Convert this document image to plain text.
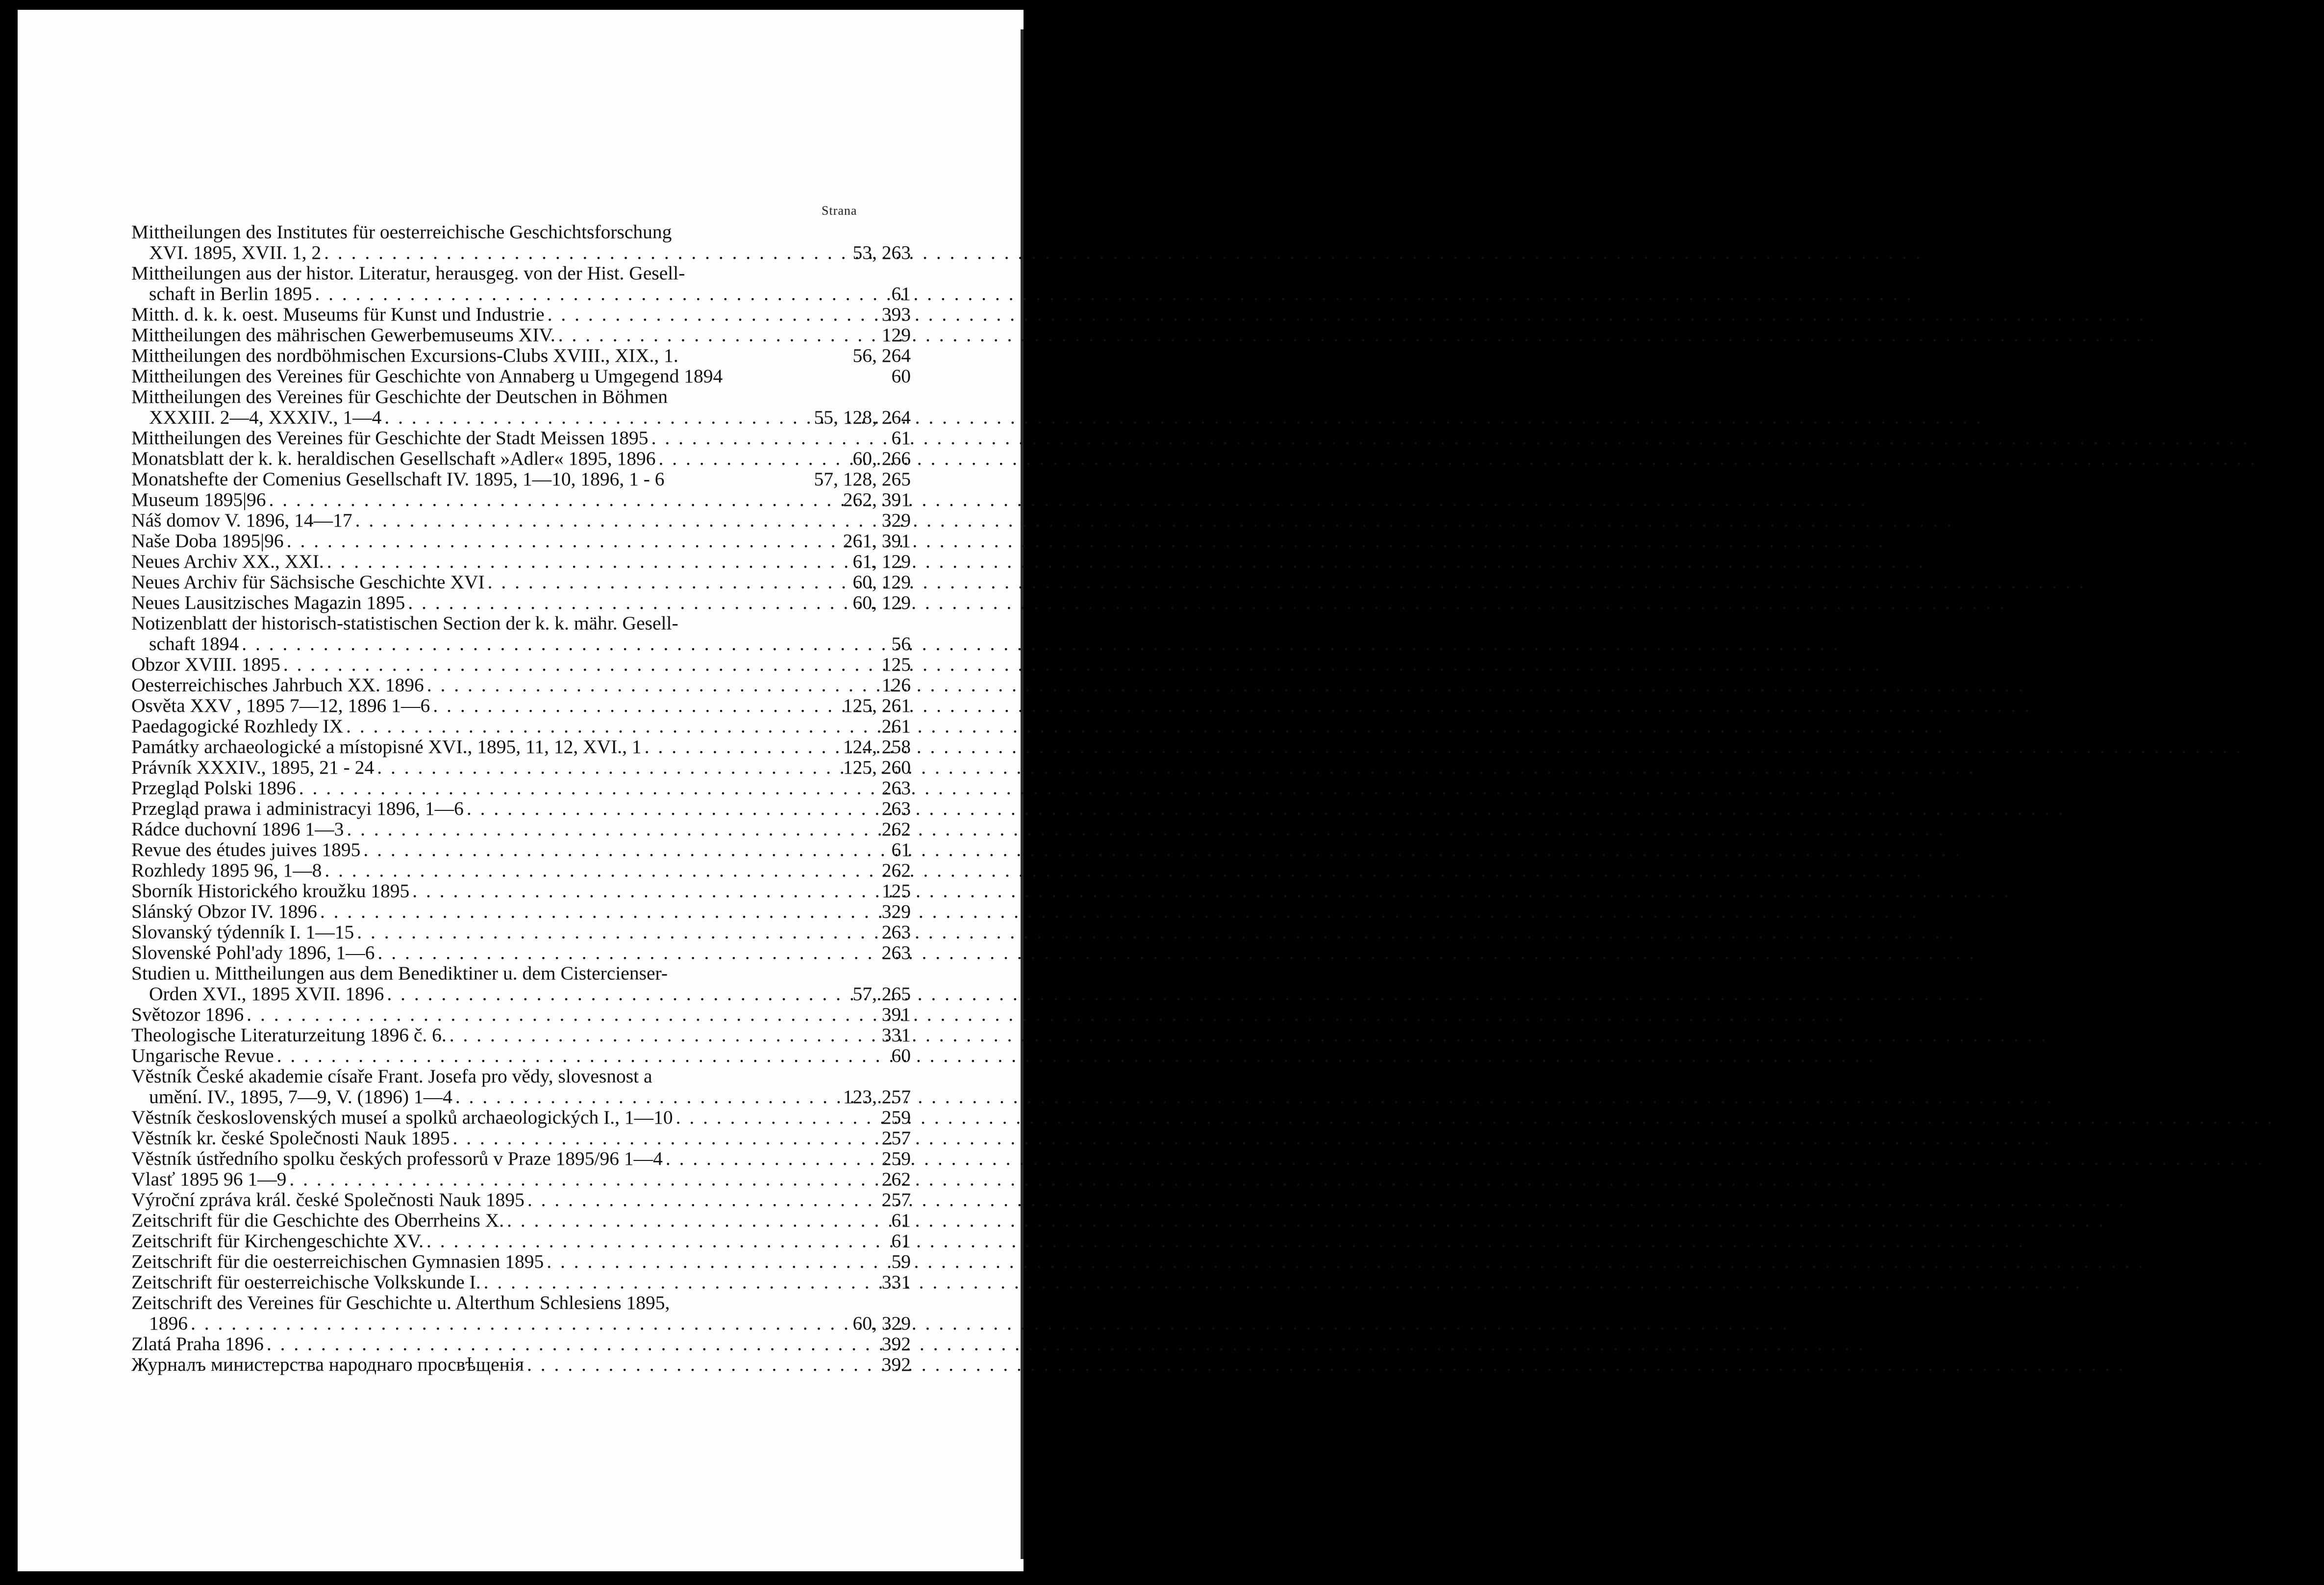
Strana
Mittheilungen des Institutes für oesterreichische Geschichtsforschung
XVI. 1895, XVII. 1, 2 . . .	53, 263
Mittheilungen aus der histor. Literatur, herausgeg. von der Hist. Gesell-
schaft in Berlin 1895 . . .	61
Mitth. d. k. k. oest. Museums für Kunst und Industrie . . .	393
Mittheilungen des mährischen Gewerbemuseums XIV. . . .	129
Mittheilungen des nordböhmischen Excursions-Clubs XVIII., XIX., 1.	56, 264
Mittheilungen des Vereines für Geschichte von Annaberg u Umgegend 1894	60
Mittheilungen des Vereines für Geschichte der Deutschen in Böhmen
XXXIII. 2—4, XXXIV., 1—4 . . .	55, 128, 264
Mittheilungen des Vereines für Geschichte der Stadt Meissen 1895 . . .	61
Monatsblatt der k. k. heraldischen Gesellschaft »Adler« 1895, 1896 . . .	60, 266
Monatshefte der Comenius Gesellschaft IV. 1895, 1—10, 1896, 1 - 6	57, 128, 265
Museum 1895|96 . . .	262, 391
Náš domov V. 1896, 14—17 . . .	329
Naše Doba 1895|96 . . .	261, 391
Neues Archiv XX., XXI. . . .	61, 129
Neues Archiv für Sächsische Geschichte XVI . . .	60, 129
Neues Lausitzisches Magazin 1895 . . .	60, 129
Notizenblatt der historisch-statistischen Section der k. k. mähr. Gesell-
schaft 1894 . . .	56
Obzor XVIII. 1895 . . .	125
Oesterreichisches Jahrbuch XX. 1896 . . .	126
Osvěta XXV , 1895 7—12, 1896 1—6 . . .	125, 261
Paedagogické Rozhledy IX . . .	261
Památky archaeologické a místopisné XVI., 1895, 11, 12, XVI., 1 . . .	124, 258
Právník XXXIV., 1895, 21 - 24 . . .	125, 260
Przegląd Polski 1896 . . .	263
Przegląd prawa i administracyi 1896, 1—6 . . .	263
Rádce duchovní 1896 1—3 . . .	262
Revue des études juives 1895 . . .	61
Rozhledy 1895 96, 1—8 . . .	262
Sborník Historického kroužku 1895 . . .	125
Slánský Obzor IV. 1896 . . .	329
Slovanský týdenník I. 1—15 . . .	263
Slovenské Pohl'ady 1896, 1—6 . . .	263
Studien u. Mittheilungen aus dem Benediktiner u. dem Cistercienser-
Orden XVI., 1895 XVII. 1896 . . .	57, 265
Světozor 1896 . . .	391
Theologische Literaturzeitung 1896 č. 6. . . .	331
Ungarische Revue . . .	60
Věstník České akademie císaře Frant. Josefa pro vědy, slovesnost a
umění. IV., 1895, 7—9, V. (1896) 1—4 . . .	123, 257
Věstník československých museí a spolků archaeologických I., 1—10 . . .	259
Věstník kr. české Společnosti Nauk 1895 . . .	257
Věstník ústředního spolku českých professorů v Praze 1895/96 1—4 . . .	259
Vlasť 1895 96 1—9 . . .	262
Výroční zpráva král. české Společnosti Nauk 1895 . . .	257
Zeitschrift für die Geschichte des Oberrheins X. . . .	61
Zeitschrift für Kirchengeschichte XV. . . .	61
Zeitschrift für die oesterreichischen Gymnasien 1895 . . .	59
Zeitschrift für oesterreichische Volkskunde I. . . .	331
Zeitschrift des Vereines für Geschichte u. Alterthum Schlesiens 1895,
1896 . . .	60, 329
Zlatá Praha 1896 . . .	392
Журналъ министерства народнаго просвѣщенія . . .	392
